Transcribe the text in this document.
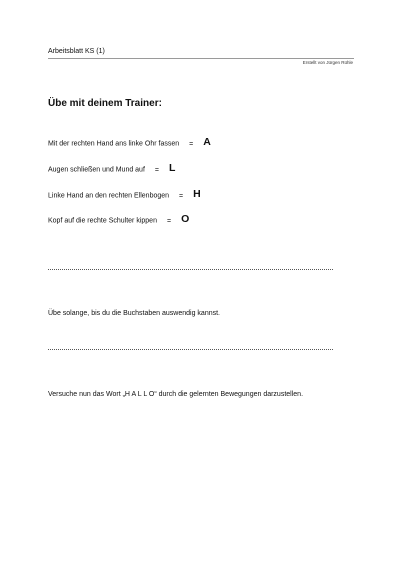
Arbeitsblatt KS (1)
Erstellt von Jürgen Rühle
Übe mit deinem Trainer:
Mit der rechten Hand ans linke Ohr fassen = A
Augen schließen und Mund auf = L
Linke Hand an den rechten Ellenbogen = H
Kopf auf die rechte Schulter kippen = O
Übe solange, bis du die Buchstaben auswendig kannst.
Versuche nun das Wort „H A L L O“ durch die gelernten Bewegungen darzustellen.
